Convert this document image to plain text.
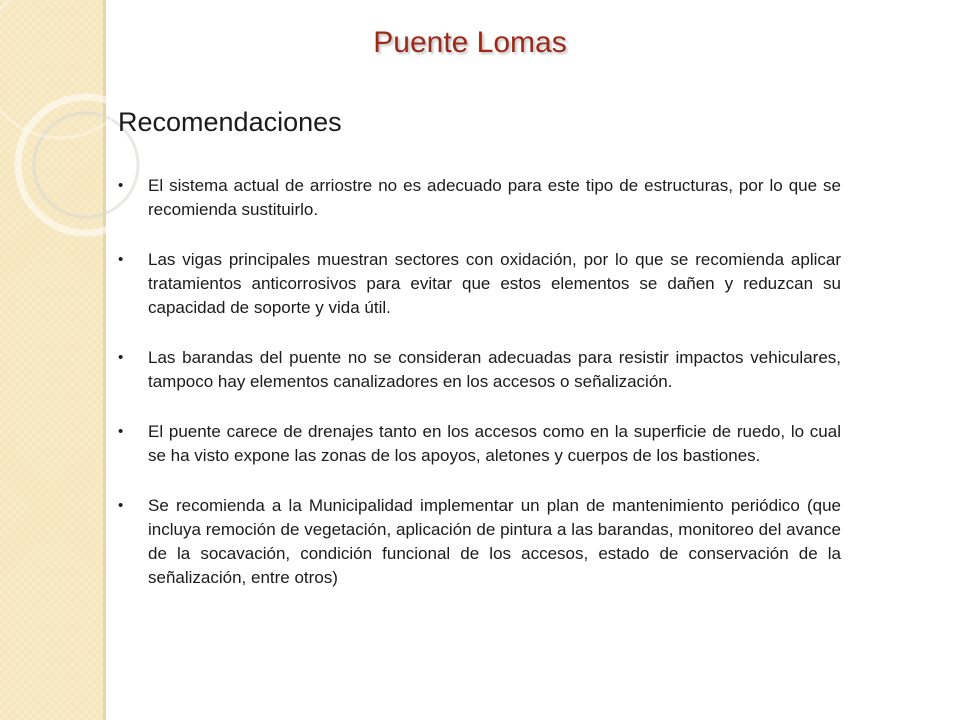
Puente Lomas
Recomendaciones
•	El sistema actual de arriostre no es adecuado para este tipo de estructuras, por lo que se recomienda sustituirlo.
•	Las vigas principales muestran sectores con oxidación, por lo que se recomienda aplicar tratamientos anticorrosivos para evitar que estos elementos se dañen y reduzcan su capacidad de soporte y vida útil.
•	Las barandas del puente no se consideran adecuadas para resistir impactos vehiculares, tampoco hay elementos canalizadores en los accesos o señalización.
•	El puente carece de drenajes tanto en los accesos como en la superficie de ruedo, lo cual se ha visto expone las zonas de los apoyos, aletones y cuerpos de los bastiones.
•	Se recomienda a la Municipalidad implementar un plan de mantenimiento periódico (que incluya remoción de vegetación, aplicación de pintura a las barandas, monitoreo del avance de la socavación, condición funcional de los accesos, estado de conservación de la señalización, entre otros)
